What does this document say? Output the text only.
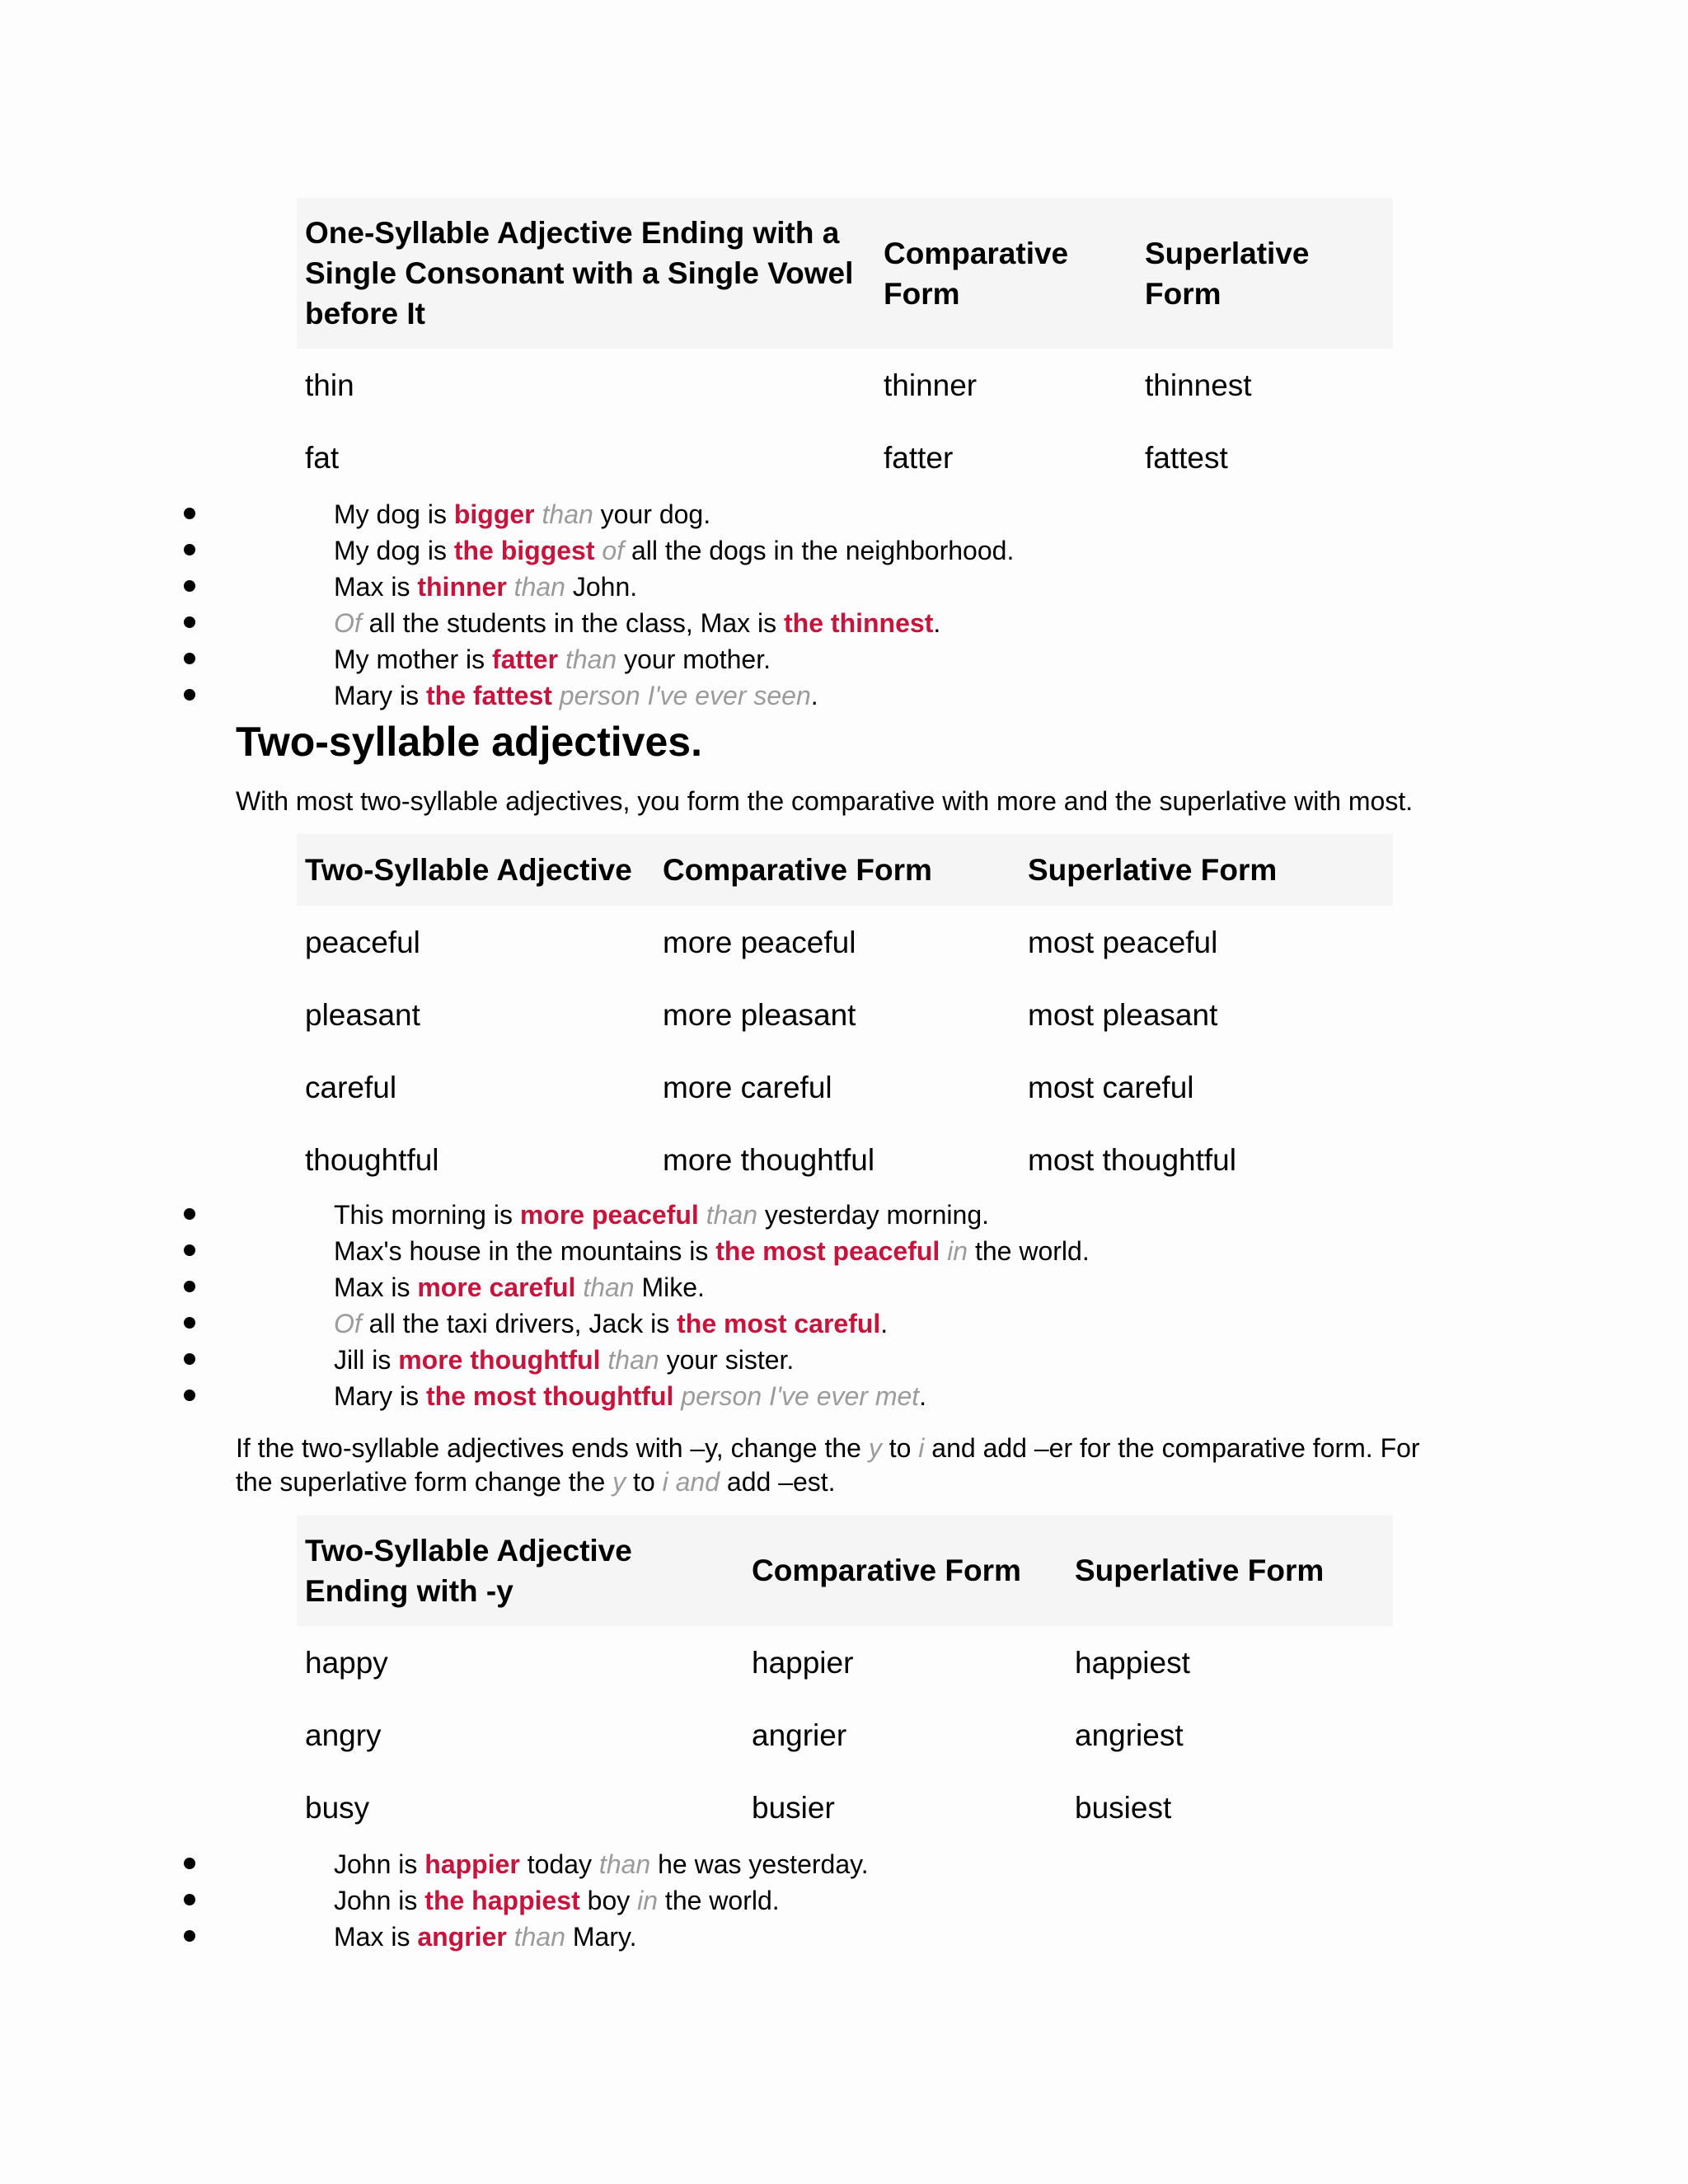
One-Syllable Adjective Ending with a Single Consonant with a Single Vowel before It	Comparative Form	Superlative Form
thin	thinner	thinnest
fat	fatter	fattest
My dog is bigger than your dog.
My dog is the biggest of all the dogs in the neighborhood.
Max is thinner than John.
Of all the students in the class, Max is the thinnest.
My mother is fatter than your mother.
Mary is the fattest person I've ever seen.
Two-syllable adjectives.

With most two-syllable adjectives, you form the comparative with more and the superlative with most.

Two-Syllable Adjective	Comparative Form	Superlative Form
peaceful	more peaceful	most peaceful
pleasant	more pleasant	most pleasant
careful	more careful	most careful
thoughtful	more thoughtful	most thoughtful
This morning is more peaceful than yesterday morning.
Max's house in the mountains is the most peaceful in the world.
Max is more careful than Mike.
Of all the taxi drivers, Jack is the most careful.
Jill is more thoughtful than your sister.
Mary is the most thoughtful person I've ever met.

If the two-syllable adjectives ends with –y, change the y to i and add –er for the comparative form. For the superlative form change the y to i and add –est.

Two-Syllable Adjective Ending with -y	Comparative Form	Superlative Form
happy	happier	happiest
angry	angrier	angriest
busy	busier	busiest
John is happier today than he was yesterday.
John is the happiest boy in the world.
Max is angrier than Mary.
